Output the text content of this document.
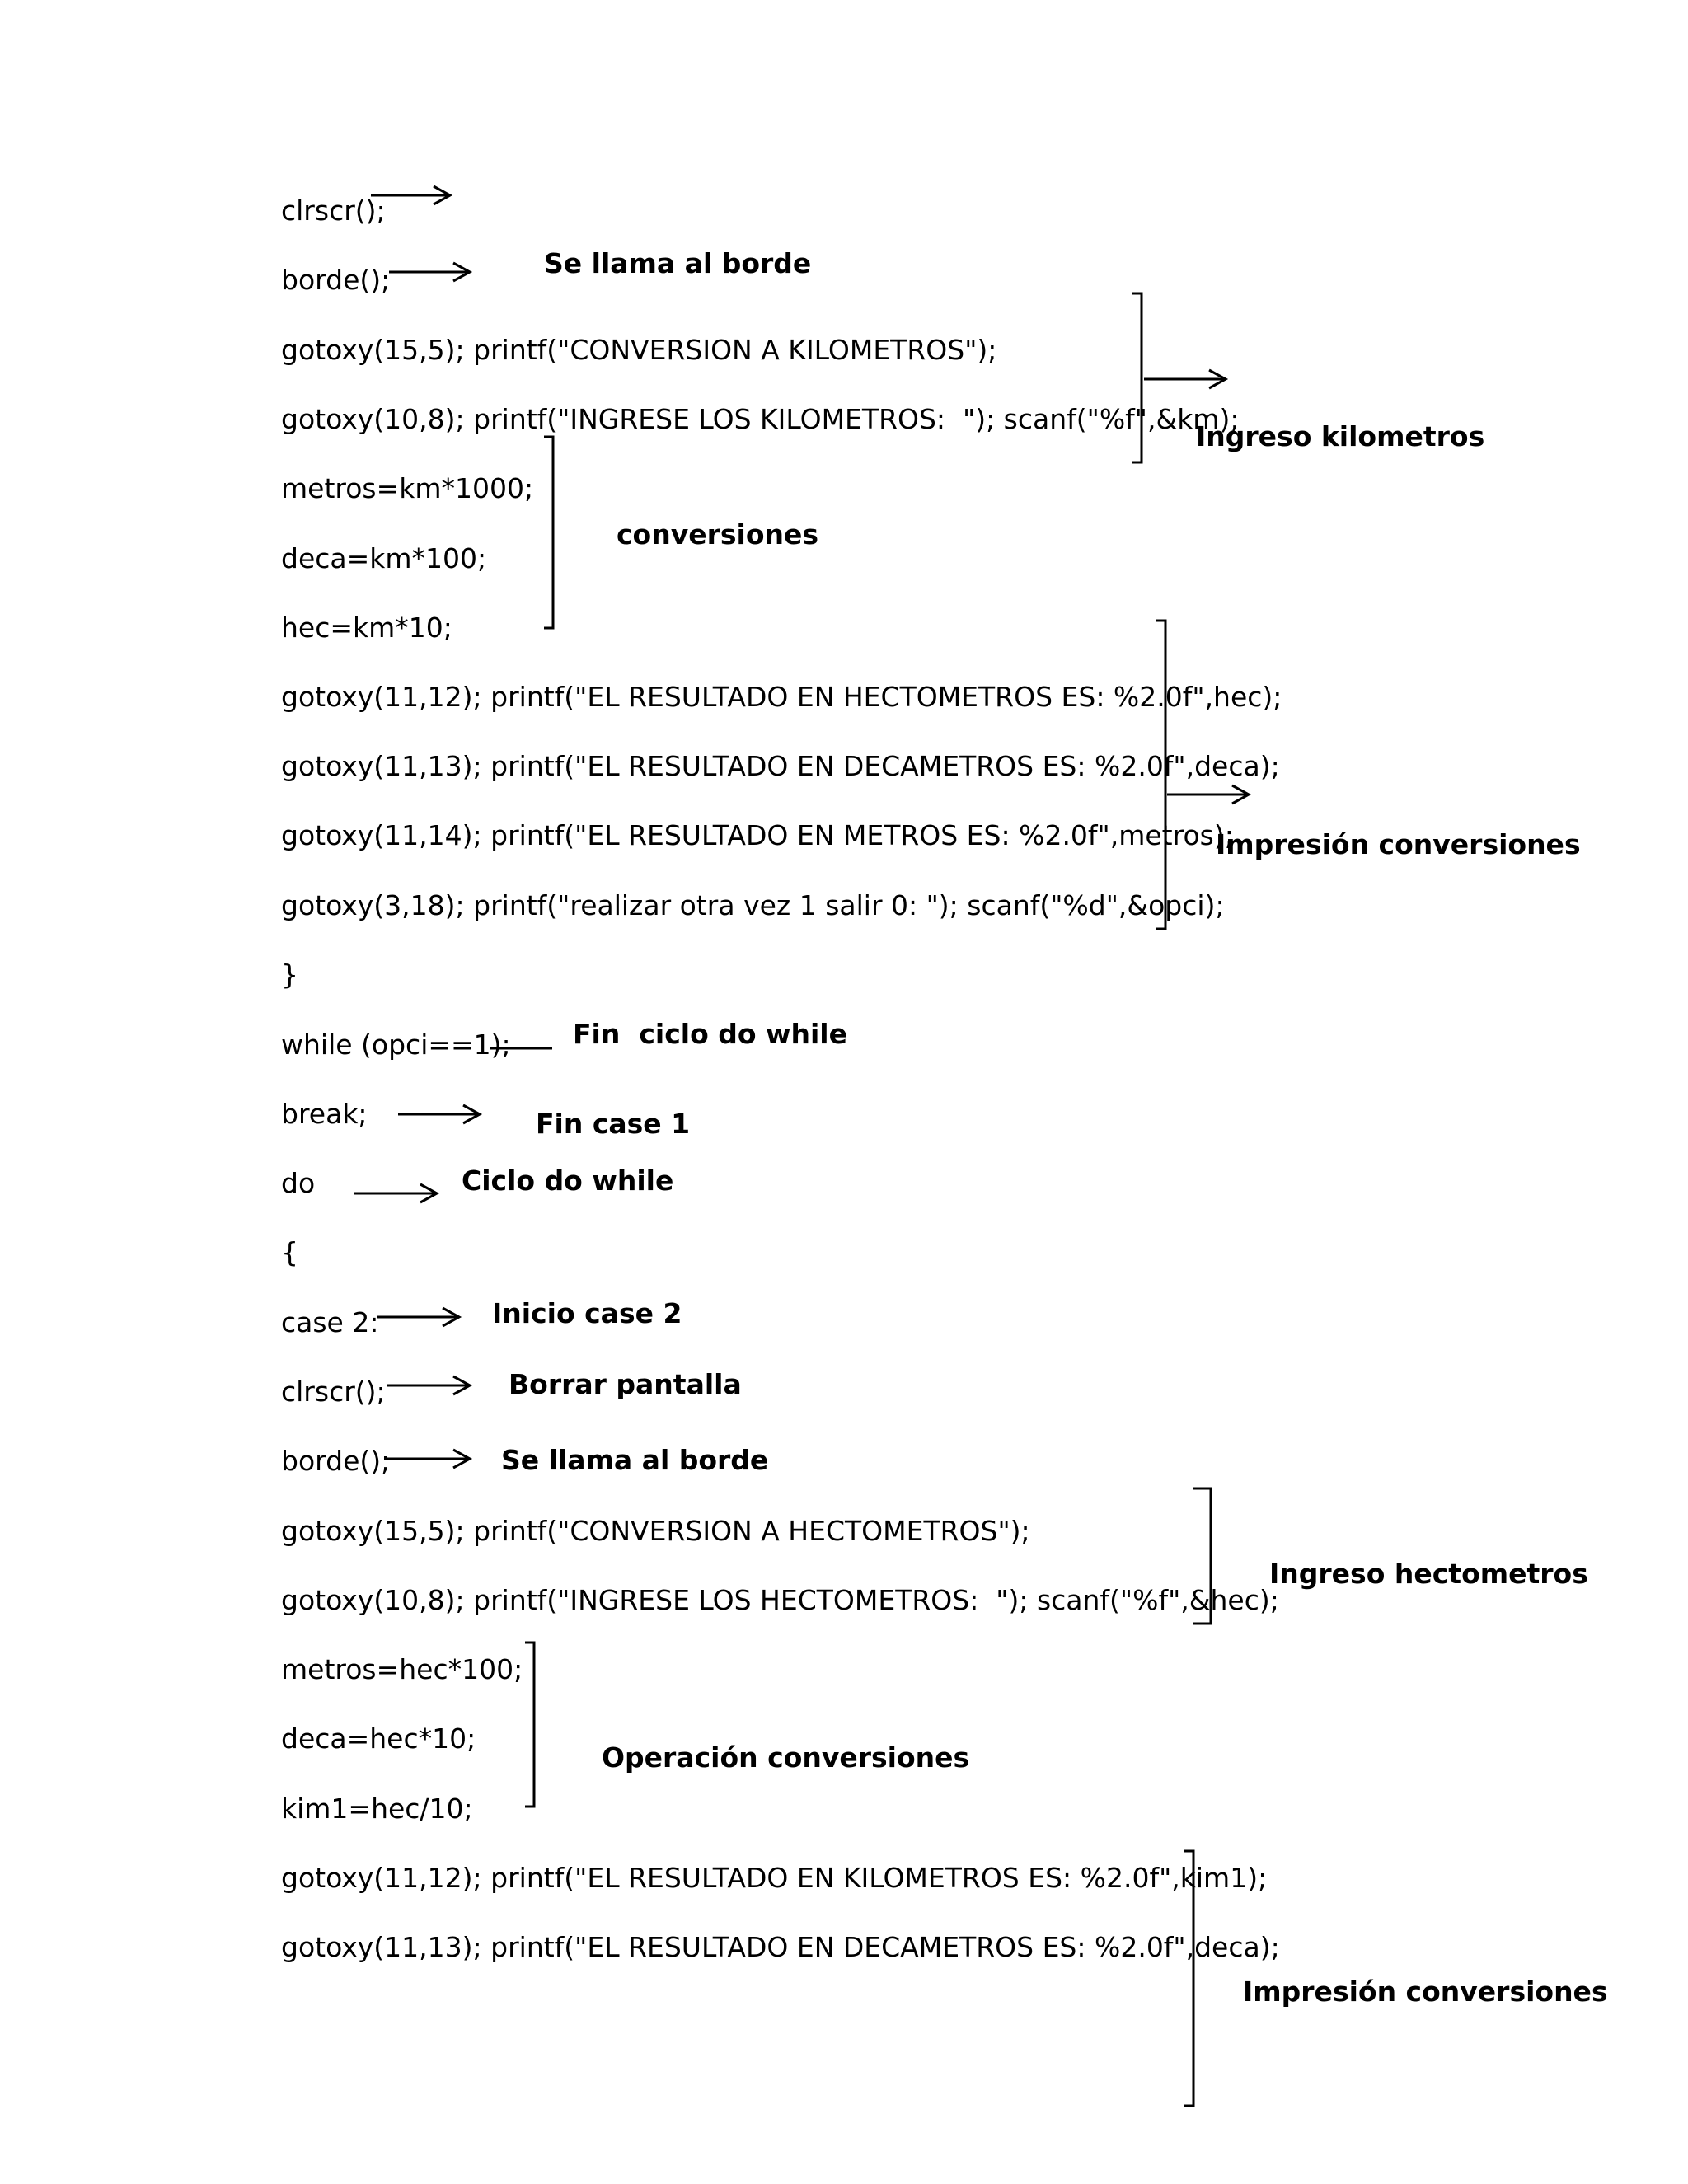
clrscr();

borde();

gotoxy(15,5); printf("CONVERSION A KILOMETROS");

gotoxy(10,8); printf("INGRESE LOS KILOMETROS:  "); scanf("%f",&km);

metros=km*1000;

deca=km*100;

hec=km*10;

gotoxy(11,12); printf("EL RESULTADO EN HECTOMETROS ES: %2.0f",hec);

gotoxy(11,13); printf("EL RESULTADO EN DECAMETROS ES: %2.0f",deca);

gotoxy(11,14); printf("EL RESULTADO EN METROS ES: %2.0f",metros);

gotoxy(3,18); printf("realizar otra vez 1 salir 0: "); scanf("%d",&opci);

}

while (opci==1);

break;

do

{

case 2:

clrscr();

borde();

gotoxy(15,5); printf("CONVERSION A HECTOMETROS");

gotoxy(10,8); printf("INGRESE LOS HECTOMETROS:  "); scanf("%f",&hec);

metros=hec*100;

deca=hec*10;

kim1=hec/10;

gotoxy(11,12); printf("EL RESULTADO EN KILOMETROS ES: %2.0f",kim1);

gotoxy(11,13); printf("EL RESULTADO EN DECAMETROS ES: %2.0f",deca);

Se llama al borde

Ingreso kilometros

conversiones

Impresión conversiones

Fin  ciclo do while

Fin case 1

Ciclo do while

Inicio case 2

Borrar pantalla

Se llama al borde

Ingreso hectometros

Operación conversiones

Impresión conversiones
